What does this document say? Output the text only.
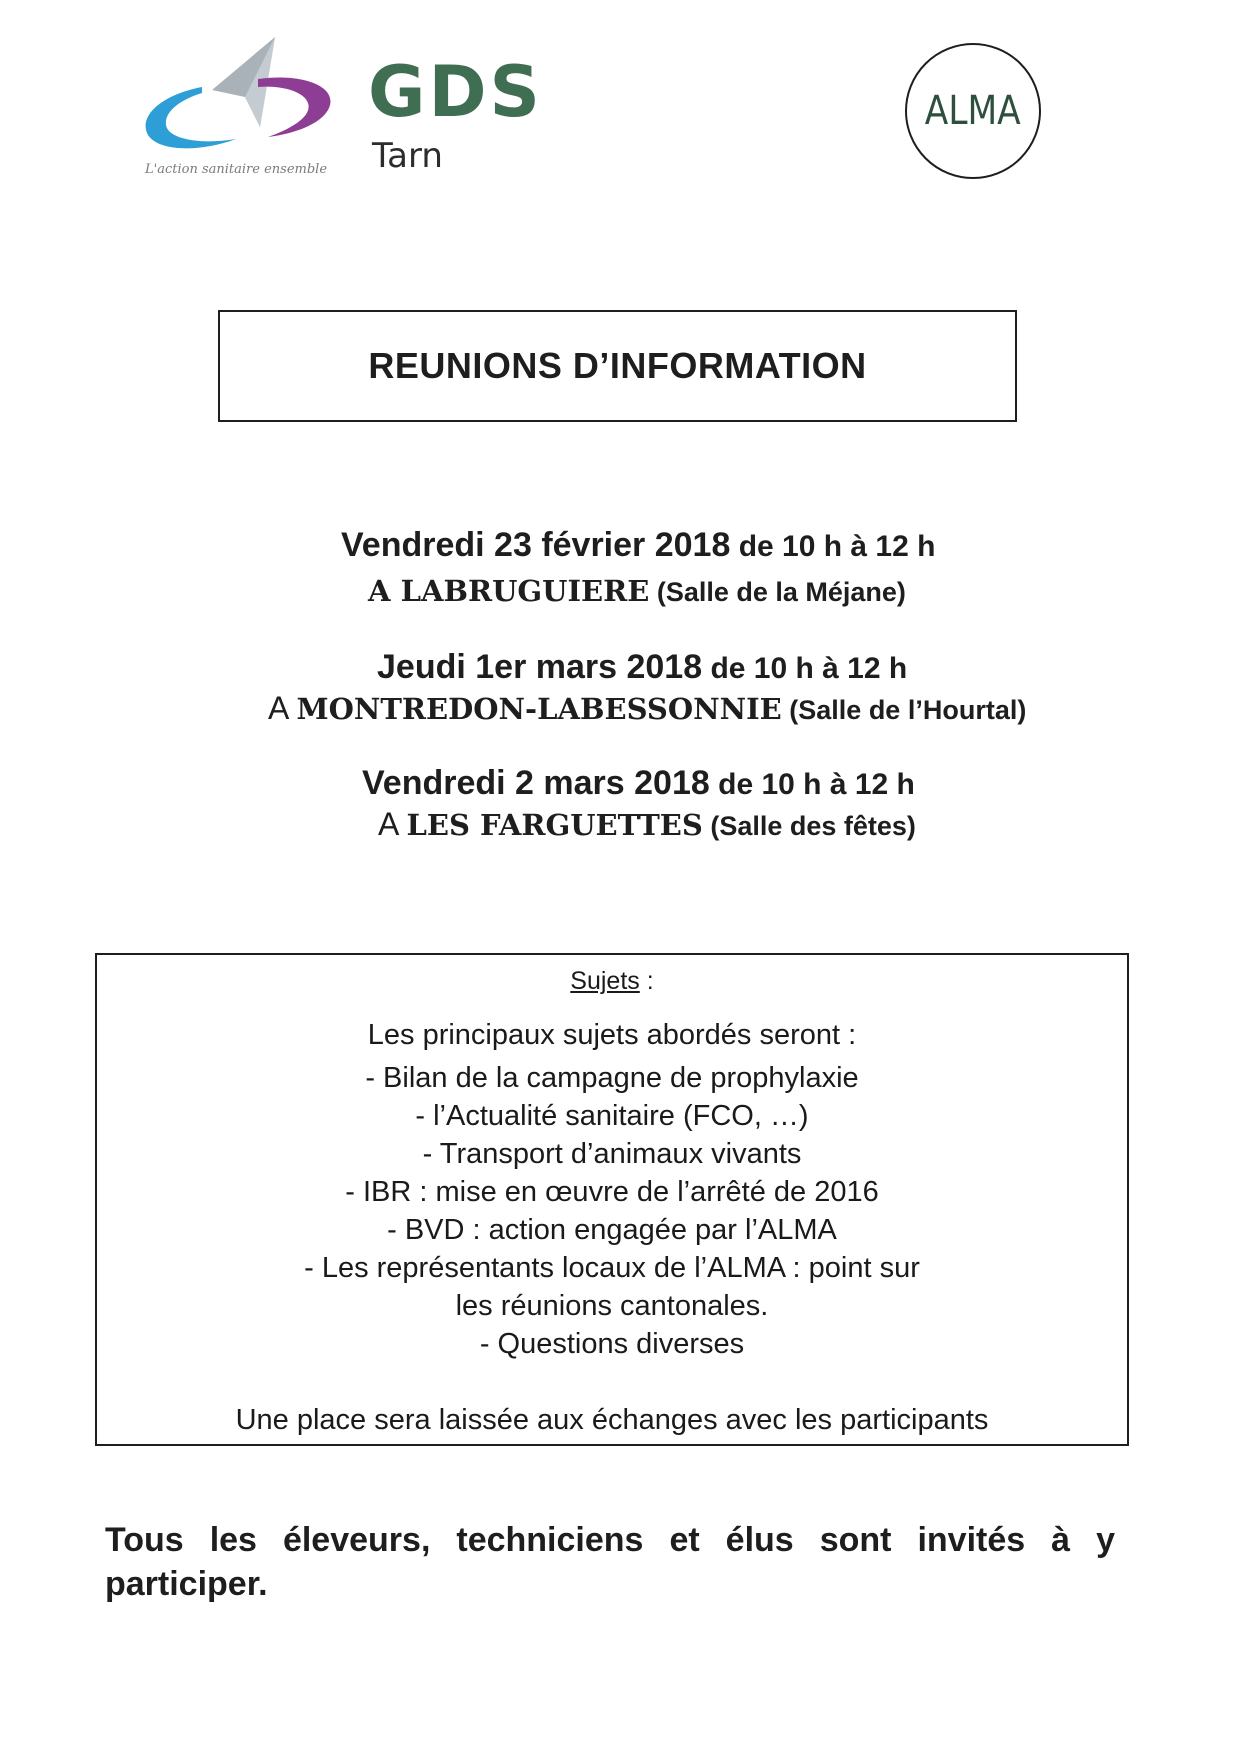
GDS
Tarn
L'action sanitaire ensemble
ALMA
REUNIONS D’INFORMATION
Vendredi 23 février 2018 de 10 h à 12 h
A LABRUGUIERE (Salle de la Méjane)
Jeudi 1er mars 2018 de 10 h à 12 h
A MONTREDON-LABESSONNIE (Salle de l’Hourtal)
Vendredi 2 mars 2018 de 10 h à 12 h
A LES FARGUETTES (Salle des fêtes)
Sujets :
Les principaux sujets abordés seront :
- Bilan de la campagne de prophylaxie
- l’Actualité sanitaire (FCO, …)
- Transport d’animaux vivants
- IBR : mise en œuvre de l’arrêté de 2016
- BVD : action engagée par l’ALMA
- Les représentants locaux de l’ALMA : point sur
les réunions cantonales.
- Questions diverses
Une place sera laissée aux échanges avec les participants
Tous les éleveurs, techniciens et élus sont invités à y participer.
